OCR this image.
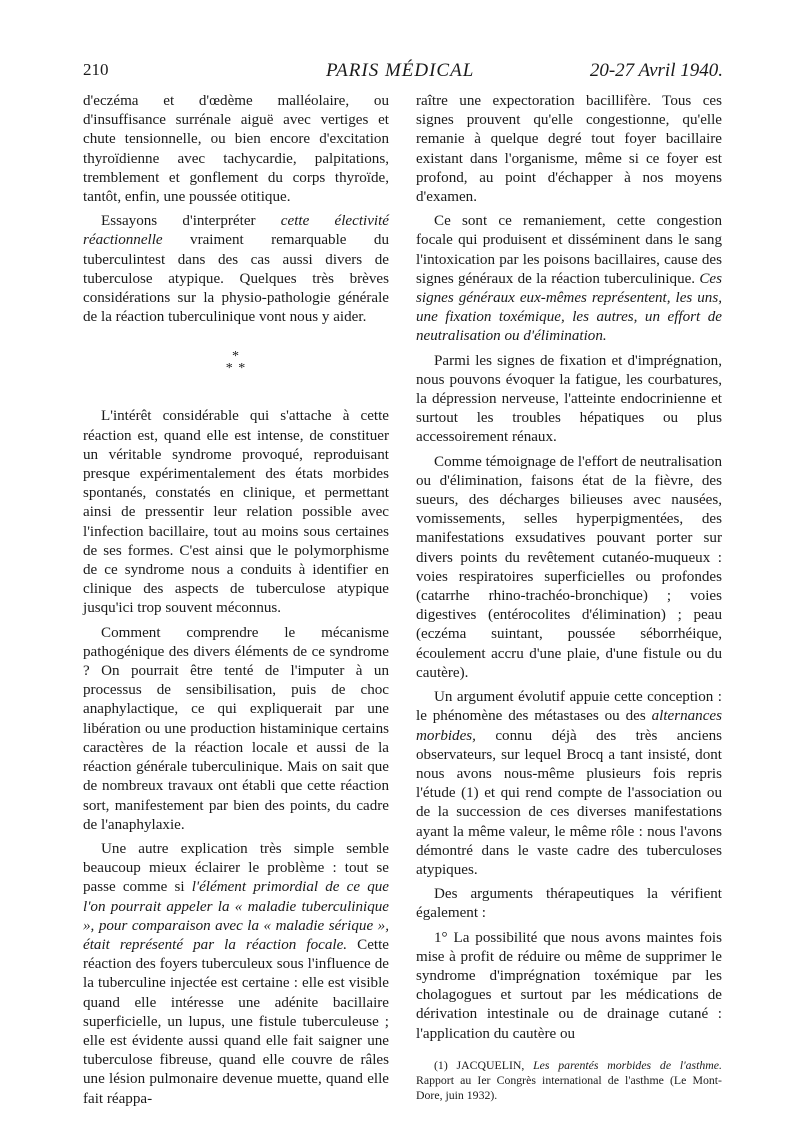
210	PARIS MÉDICAL	20-27 Avril 1940.

d'eczéma et d'œdème malléolaire, ou d'insuffisance surrénale aiguë avec vertiges et chute tensionnelle, ou bien encore d'excitation thyroïdienne avec tachycardie, palpitations, tremblement et gonflement du corps thyroïde, tantôt, enfin, une poussée otitique.

Essayons d'interpréter cette électivité réactionnelle vraiment remarquable du tuberculintest dans des cas aussi divers de tuberculose atypique. Quelques très brèves considérations sur la physio-pathologie générale de la réaction tuberculinique vont nous y aider.

*
* *

L'intérêt considérable qui s'attache à cette réaction est, quand elle est intense, de constituer un véritable syndrome provoqué, reproduisant presque expérimentalement des états morbides spontanés, constatés en clinique, et permettant ainsi de pressentir leur relation possible avec l'infection bacillaire, tout au moins sous certaines de ses formes. C'est ainsi que le polymorphisme de ce syndrome nous a conduits à identifier en clinique des aspects de tuberculose atypique jusqu'ici trop souvent méconnus.

Comment comprendre le mécanisme pathogénique des divers éléments de ce syndrome ? On pourrait être tenté de l'imputer à un processus de sensibilisation, puis de choc anaphylactique, ce qui expliquerait par une libération ou une production histaminique certains caractères de la réaction locale et aussi de la réaction générale tuberculinique. Mais on sait que de nombreux travaux ont établi que cette réaction sort, manifestement par bien des points, du cadre de l'anaphylaxie.

Une autre explication très simple semble beaucoup mieux éclairer le problème : tout se passe comme si l'élément primordial de ce que l'on pourrait appeler la « maladie tuberculinique », pour comparaison avec la « maladie sérique », était représenté par la réaction focale. Cette réaction des foyers tuberculeux sous l'influence de la tuberculine injectée est certaine : elle est visible quand elle intéresse une adénite bacillaire superficielle, un lupus, une fistule tuberculeuse ; elle est évidente aussi quand elle fait saigner une tuberculose fibreuse, quand elle couvre de râles une lésion pulmonaire devenue muette, quand elle fait réappa-

raître une expectoration bacillifère. Tous ces signes prouvent qu'elle congestionne, qu'elle remanie à quelque degré tout foyer bacillaire existant dans l'organisme, même si ce foyer est profond, au point d'échapper à nos moyens d'examen.

Ce sont ce remaniement, cette congestion focale qui produisent et disséminent dans le sang l'intoxication par les poisons bacillaires, cause des signes généraux de la réaction tuberculinique. Ces signes généraux eux-mêmes représentent, les uns, une fixation toxémique, les autres, un effort de neutralisation ou d'élimination.

Parmi les signes de fixation et d'imprégnation, nous pouvons évoquer la fatigue, les courbatures, la dépression nerveuse, l'atteinte endocrinienne et surtout les troubles hépatiques ou plus accessoirement rénaux.

Comme témoignage de l'effort de neutralisation ou d'élimination, faisons état de la fièvre, des sueurs, des décharges bilieuses avec nausées, vomissements, selles hyperpigmentées, des manifestations exsudatives pouvant porter sur divers points du revêtement cutanéo-muqueux : voies respiratoires superficielles ou profondes (catarrhe rhino-trachéo-bronchique) ; voies digestives (entérocolites d'élimination) ; peau (eczéma suintant, poussée séborrhéique, écoulement accru d'une plaie, d'une fistule ou du cautère).

Un argument évolutif appuie cette conception : le phénomène des métastases ou des alternances morbides, connu déjà des très anciens observateurs, sur lequel Brocq a tant insisté, dont nous avons nous-même plusieurs fois repris l'étude (1) et qui rend compte de l'association ou de la succession de ces diverses manifestations ayant la même valeur, le même rôle : nous l'avons démontré dans le vaste cadre des tuberculoses atypiques.

Des arguments thérapeutiques la vérifient également :

1° La possibilité que nous avons maintes fois mise à profit de réduire ou même de supprimer le syndrome d'imprégnation toxémique par les cholagogues et surtout par les médications de dérivation intestinale ou de drainage cutané : l'application du cautère ou

(1) JACQUELIN, Les parentés morbides de l'asthme. Rapport au Ier Congrès international de l'asthme (Le Mont-Dore, juin 1932).
